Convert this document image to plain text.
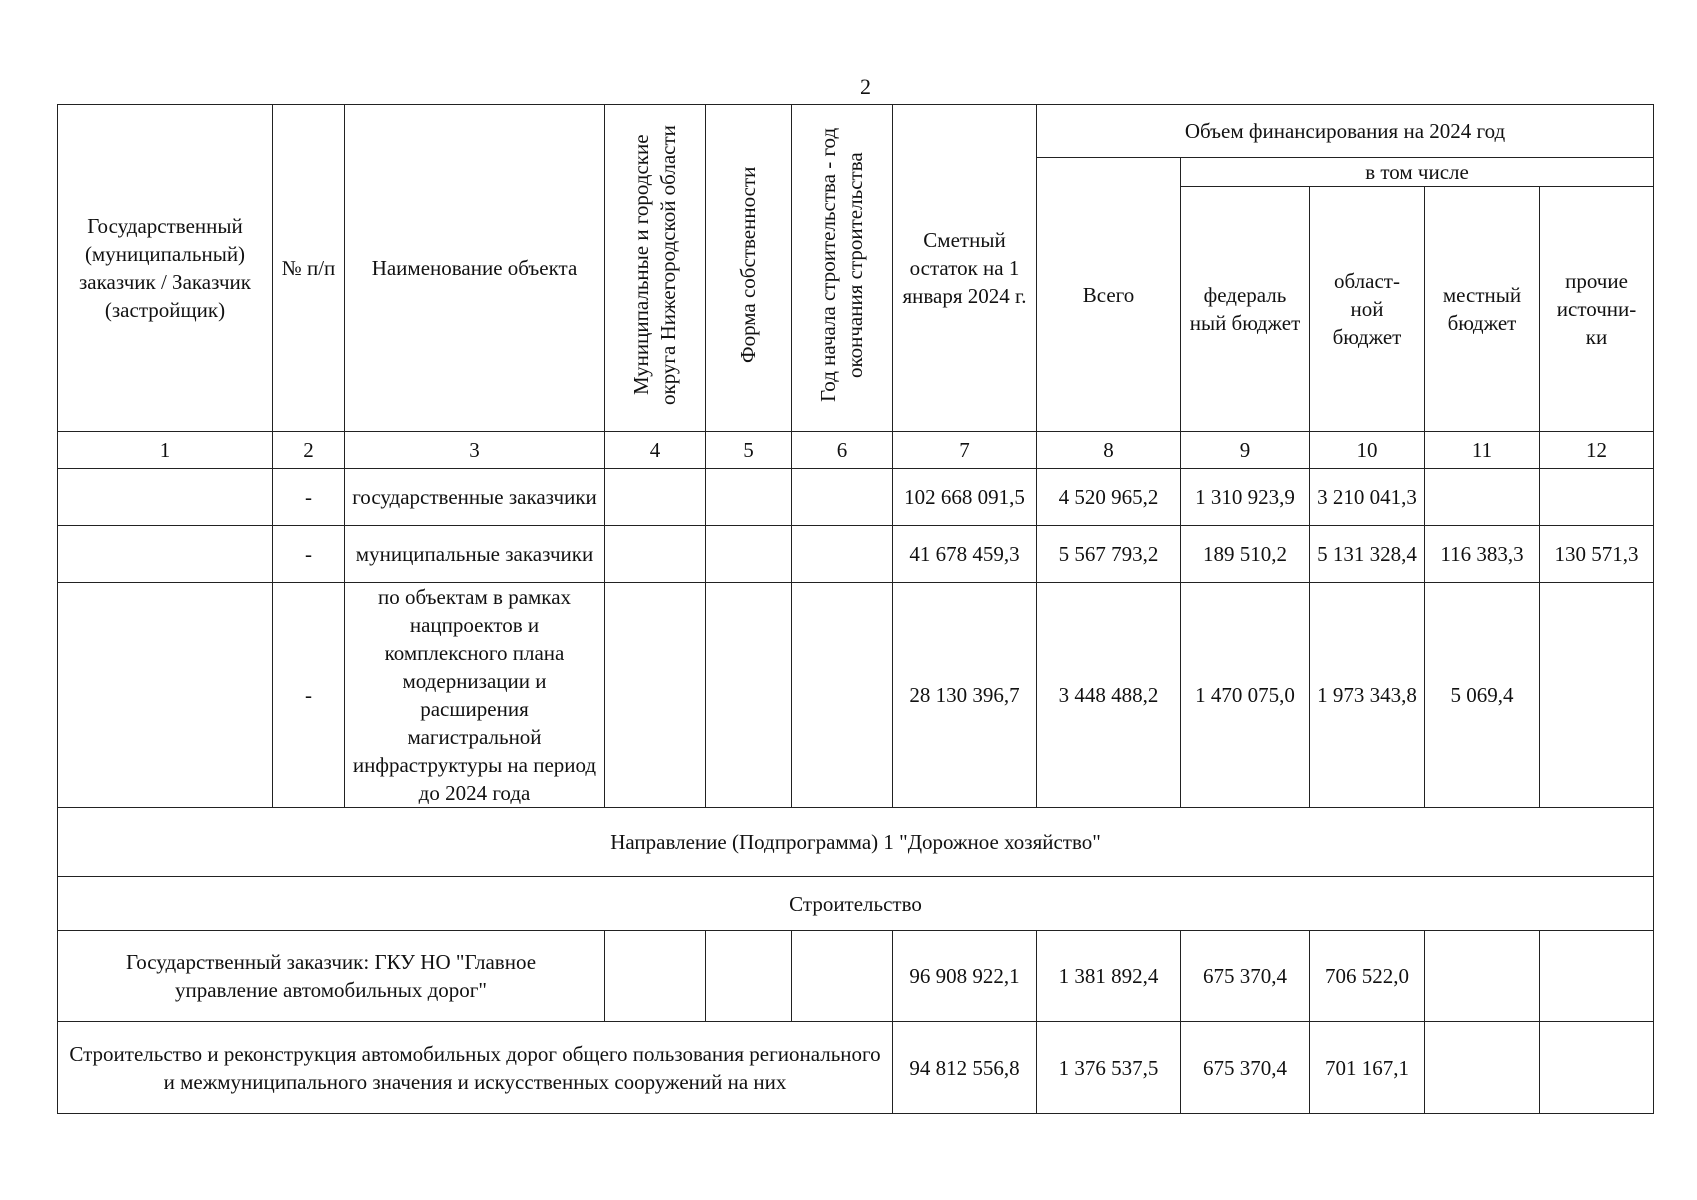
2
Государственный (муниципальный) заказчик / Заказчик (застройщик)	№ п/п	Наименование объекта	Муниципальные и городские округа Нижегородской области	Форма собственности	Год начала строительства - год окончания строительства	Сметный остаток на 1 января 2024 г.	Объем финансирования на 2024 год				
							Всего	в том числе			
								федераль ный бюджет	област- ной бюджет	местный бюджет	прочие источни- ки
1	2	3	4	5	6	7	8	9	10	11	12
	-	государственные заказчики				102 668 091,5	4 520 965,2	1 310 923,9	3 210 041,3		
	-	муниципальные заказчики				41 678 459,3	5 567 793,2	189 510,2	5 131 328,4	116 383,3	130 571,3
	-	по объектам в рамках нацпроектов и комплексного плана модернизации и расширения магистральной инфраструктуры на период до 2024 года				28 130 396,7	3 448 488,2	1 470 075,0	1 973 343,8	5 069,4	
Направление (Подпрограмма) 1 "Дорожное хозяйство"											
Строительство											
Государственный заказчик: ГКУ НО "Главное управление автомобильных дорог"						96 908 922,1	1 381 892,4	675 370,4	706 522,0		
Строительство и реконструкция автомобильных дорог общего пользования регионального и межмуниципального значения и искусственных сооружений на них						94 812 556,8	1 376 537,5	675 370,4	701 167,1		
